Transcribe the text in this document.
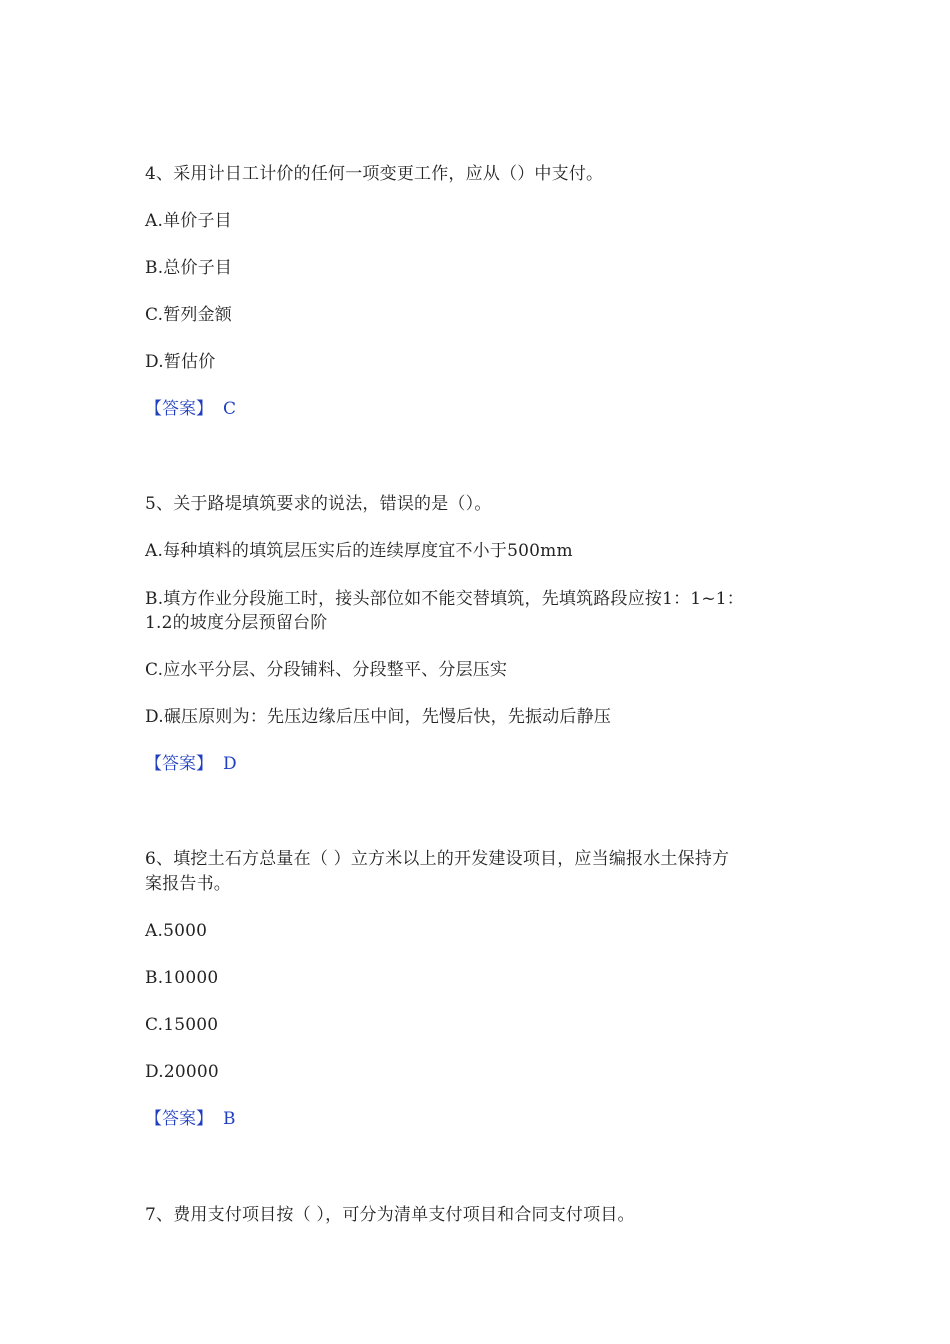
4、采用计日工计价的任何一项变更工作，应从（）中支付。
A.单价子目
B.总价子目
C.暂列金额
D.暂估价
【答案】 C
5、关于路堤填筑要求的说法，错误的是（）。
A.每种填料的填筑层压实后的连续厚度宜不小于500mm
B.填方作业分段施工时，接头部位如不能交替填筑，先填筑路段应按1：1~1：
1.2的坡度分层预留台阶
C.应水平分层、分段铺料、分段整平、分层压实
D.碾压原则为：先压边缘后压中间，先慢后快，先振动后静压
【答案】 D
6、填挖土石方总量在（ ）立方米以上的开发建设项目，应当编报水土保持方
案报告书。
A.5000
B.10000
C.15000
D.20000
【答案】 B
7、费用支付项目按（ ），可分为清单支付项目和合同支付项目。
